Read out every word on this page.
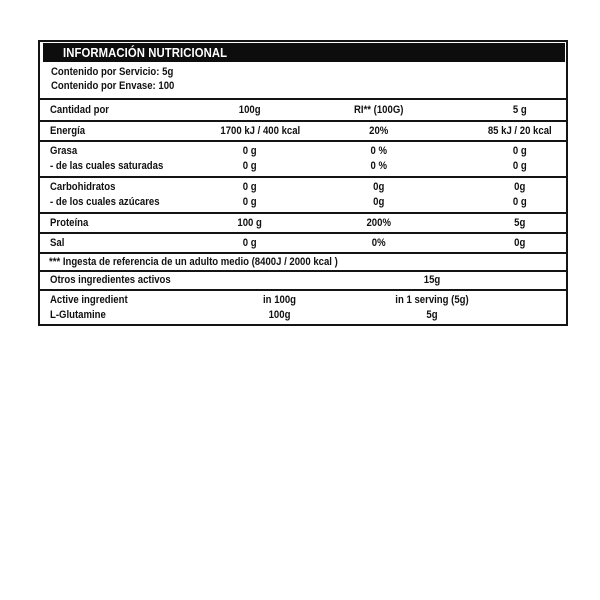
INFORMACIÓN NUTRICIONAL
Contenido por Servicio: 5g
Contenido por Envase: 100
Cantidad por	100g	RI** (100G)	5 g
Energía	1700 kJ / 400 kcal	20%	85 kJ / 20 kcal
Grasa	0 g	0 %	0 g
- de las cuales saturadas	0 g	0 %	0 g
Carbohidratos	0 g	0g	0g
- de los cuales azúcares	0 g	0g	0 g
Proteína	100 g	200%	5g
Sal	0 g	0%	0g
*** Ingesta de referencia de un adulto medio (8400J / 2000 kcal )
Otros ingredientes activos	15g
Active ingredient	in 100g	in 1 serving (5g)
L-Glutamine	100g	5g
